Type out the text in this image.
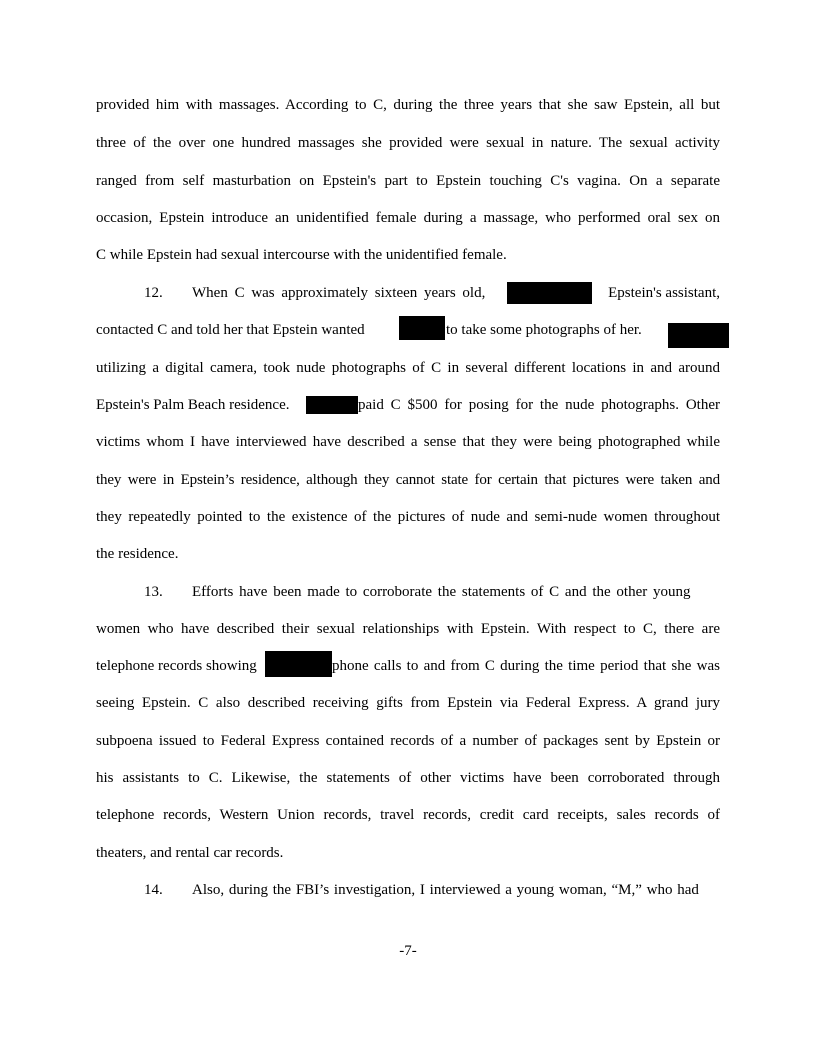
provided him with massages. According to C, during the three years that she saw Epstein, all but
three of the over one hundred massages she provided were sexual in nature. The sexual activity
ranged from self masturbation on Epstein's part to Epstein touching C's vagina. On a separate
occasion, Epstein introduce an unidentified female during a massage, who performed oral sex on
C while Epstein had sexual intercourse with the unidentified female.
12. When C was approximately sixteen years old,	Epstein's assistant,
contacted C and told her that Epstein wanted	to take some photographs of her.
utilizing a digital camera, took nude photographs of C in several different locations in and around
Epstein's Palm Beach residence.	paid C $500 for posing for the nude photographs. Other
victims whom I have interviewed have described a sense that they were being photographed while
they were in Epstein’s residence, although they cannot state for certain that pictures were taken and
they repeatedly pointed to the existence of the pictures of nude and semi-nude women throughout
the residence.
13. Efforts have been made to corroborate the statements of C and the other young
women who have described their sexual relationships with Epstein. With respect to C, there are
telephone records showing	phone calls to and from C during the time period that she was
seeing Epstein. C also described receiving gifts from Epstein via Federal Express. A grand jury
subpoena issued to Federal Express contained records of a number of packages sent by Epstein or
his assistants to C. Likewise, the statements of other victims have been corroborated through
telephone records, Western Union records, travel records, credit card receipts, sales records of
theaters, and rental car records.
14. Also, during the FBI’s investigation, I interviewed a young woman, “M,” who had
-7-
